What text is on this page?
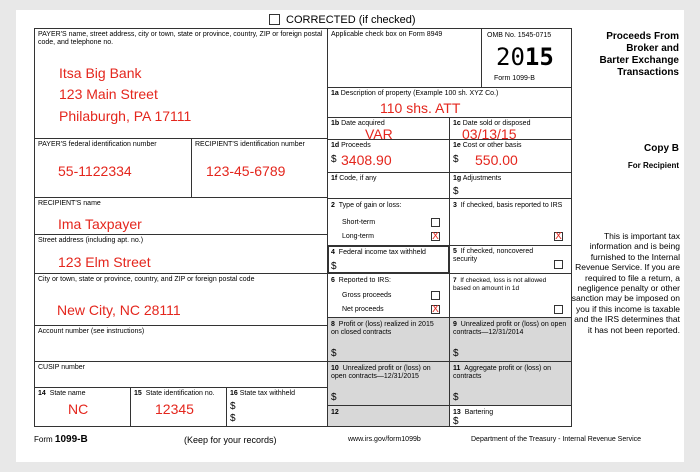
CORRECTED (if checked)
PAYER'S name, street address, city or town, state or province, country, ZIP or foreign postal code, and telephone no.
Itsa Big Bank
123 Main Street
Philaburgh, PA 17111
Applicable check box on Form 8949	OMB No. 1545-0715
2015
Form 1099-B
Proceeds From
Broker and
Barter Exchange
Transactions
1a Description of property (Example 100 sh. XYZ Co.)
110 shs. ATT
1b Date acquired
VAR
1c Date sold or disposed
03/13/15
PAYER'S federal identification number
55-1122334
RECIPIENT'S identification number
123-45-6789
1d Proceeds
$ 3408.90
1e Cost or other basis
$ 550.00
1f Code, if any	1g Adjustments
$
Copy B
For Recipient
RECIPIENT'S name
Ima Taxpayer
Street address (including apt. no.)
123 Elm Street
City or town, state or province, country, and ZIP or foreign postal code
New City, NC 28111
Account number (see instructions)
CUSIP number
2 Type of gain or loss:
Short-term
Long-term	X
3 If checked, basis reported to IRS
X
4 Federal income tax withheld
$
5 If checked, noncovered security
6 Reported to IRS:
Gross proceeds
Net proceeds	X
7 If checked, loss is not allowed based on amount in 1d
8 Profit or (loss) realized in 2015 on closed contracts
$
9 Unrealized profit or (loss) on open contracts—12/31/2014
$
10 Unrealized profit or (loss) on open contracts—12/31/2015
$
11 Aggregate profit or (loss) on contracts
$
14 State name
NC
15 State identification no.
12345
16 State tax withheld
$
$
12	13 Bartering
$
This is important tax information and is being furnished to the Internal Revenue Service. If you are required to file a return, a negligence penalty or other sanction may be imposed on you if this income is taxable and the IRS determines that it has not been reported.
Form 1099-B	(Keep for your records)	www.irs.gov/form1099b	Department of the Treasury - Internal Revenue Service
